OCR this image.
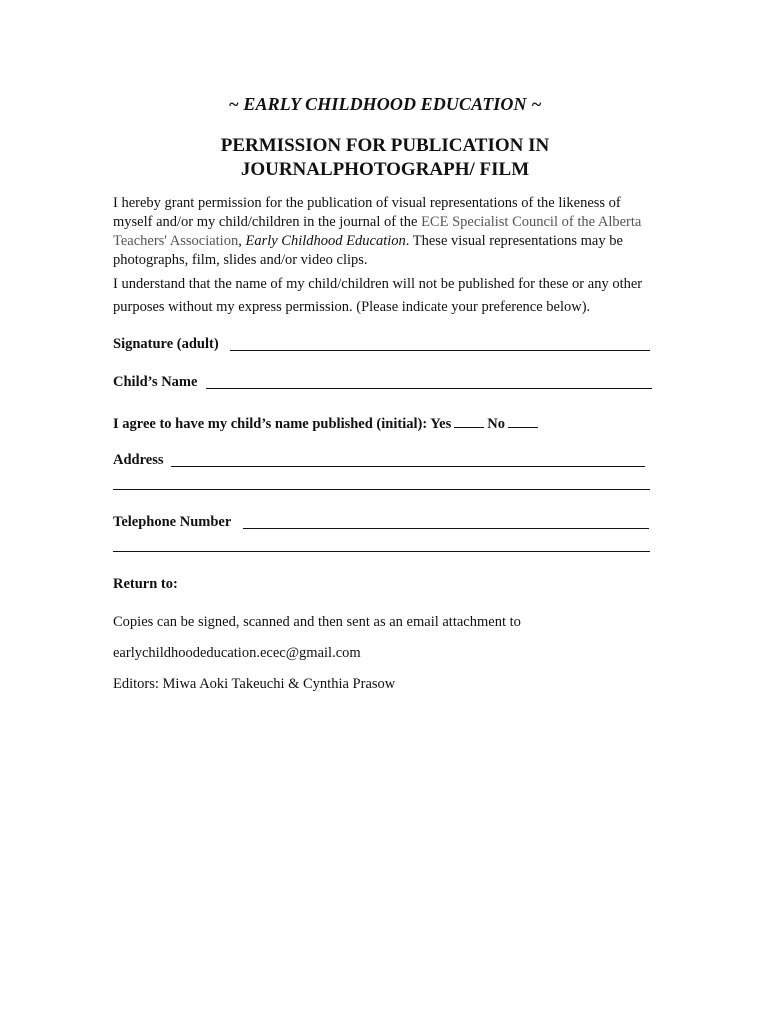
~ EARLY CHILDHOOD EDUCATION ~
PERMISSION FOR PUBLICATION IN
JOURNALPHOTOGRAPH/ FILM
I hereby grant permission for the publication of visual representations of the likeness of myself and/or my child/children in the journal of the ECE Specialist Council of the Alberta Teachers' Association, Early Childhood Education. These visual representations may be photographs, film, slides and/or video clips.
I understand that the name of my child/children will not be published for these or any other purposes without my express permission. (Please indicate your preference below).
Signature (adult)
Child’s Name
I agree to have my child’s name published (initial): Yes No
Address
Telephone Number
Return to:
Copies can be signed, scanned and then sent as an email attachment to
earlychildhoodeducation.ecec@gmail.com
Editors: Miwa Aoki Takeuchi & Cynthia Prasow
